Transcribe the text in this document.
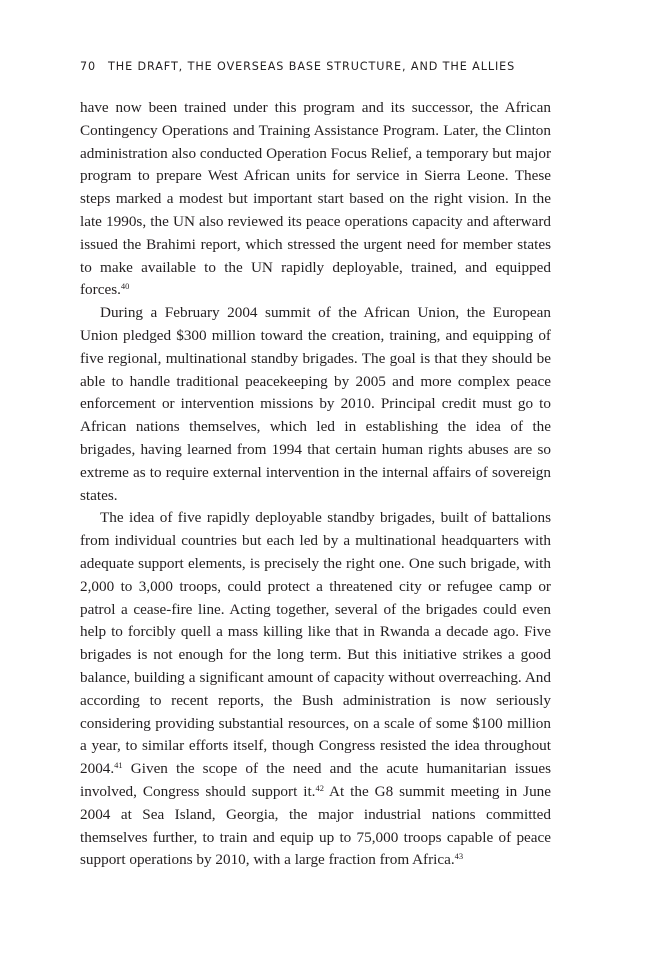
70 THE DRAFT, THE OVERSEAS BASE STRUCTURE, AND THE ALLIES

have now been trained under this program and its successor, the African Contingency Operations and Training Assistance Program. Later, the Clinton administration also conducted Operation Focus Relief, a temporary but major program to prepare West African units for service in Sierra Leone. These steps marked a modest but important start based on the right vision. In the late 1990s, the UN also reviewed its peace operations capacity and afterward issued the Brahimi report, which stressed the urgent need for member states to make available to the UN rapidly deployable, trained, and equipped forces.$^{40}$

During a February 2004 summit of the African Union, the European Union pledged $300 million toward the creation, training, and equipping of five regional, multinational standby brigades. The goal is that they should be able to handle traditional peacekeeping by 2005 and more complex peace enforcement or intervention missions by 2010. Principal credit must go to African nations themselves, which led in establishing the idea of the brigades, having learned from 1994 that certain human rights abuses are so extreme as to require external intervention in the internal affairs of sovereign states.

The idea of five rapidly deployable standby brigades, built of battalions from individual countries but each led by a multinational headquarters with adequate support elements, is precisely the right one. One such brigade, with 2,000 to 3,000 troops, could protect a threatened city or refugee camp or patrol a cease-fire line. Acting together, several of the brigades could even help to forcibly quell a mass killing like that in Rwanda a decade ago. Five brigades is not enough for the long term. But this initiative strikes a good balance, building a significant amount of capacity without overreaching. And according to recent reports, the Bush administration is now seriously considering providing substantial resources, on a scale of some $100 million a year, to similar efforts itself, though Congress resisted the idea throughout 2004.41 Given the scope of the need and the acute humanitarian issues involved, Congress should support it.$^{42}$ At the G8 summit meeting in June 2004 at Sea Island, Georgia, the major industrial nations committed themselves further, to train and equip up to 75,000 troops capable of peace support operations by 2010, with a large fraction from Africa.$^{43}$
